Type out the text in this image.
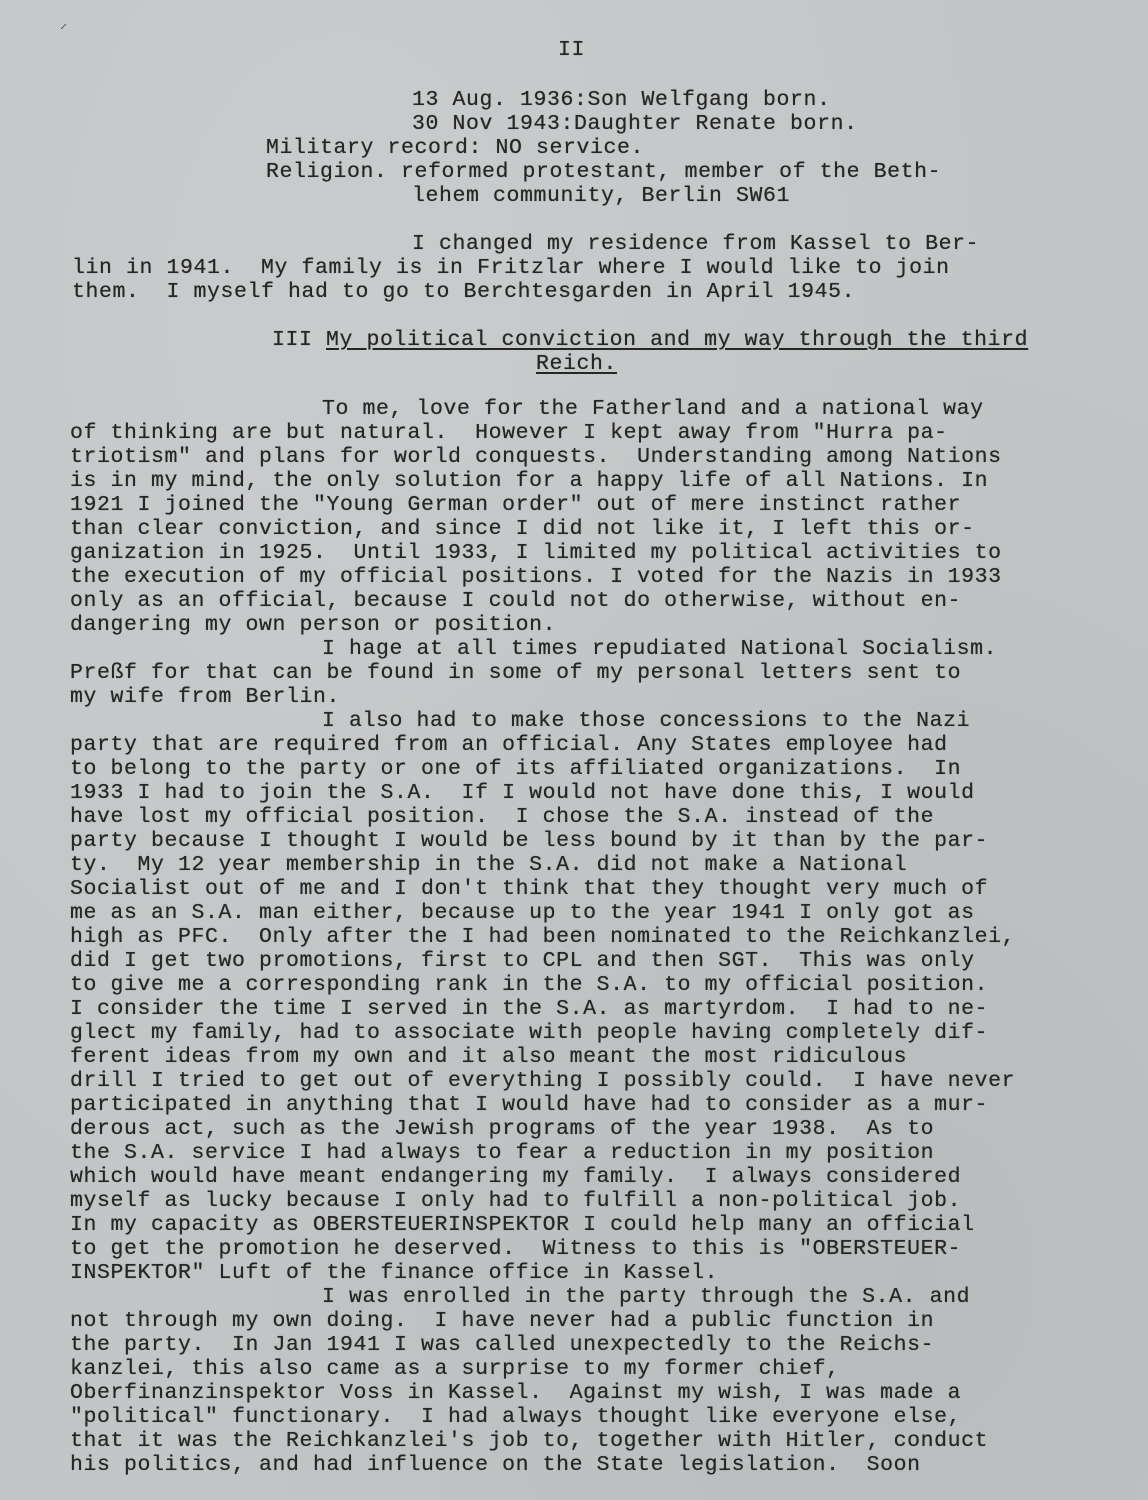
⸝
II
13 Aug. 1936:Son Welfgang born.
30 Nov 1943:Daughter Renate born.
Military record: NO service.
Religion. reformed protestant, member of the Beth-
lehem community, Berlin SW61
I changed my residence from Kassel to Ber-
lin in 1941.  My family is in Fritzlar where I would like to join
them.  I myself had to go to Berchtesgarden in April 1945.
III My political conviction and my way through the third
Reich.
To me, love for the Fatherland and a national way
of thinking are but natural.  However I kept away from "Hurra pa-
triotism" and plans for world conquests.  Understanding among Nations
is in my mind, the only solution for a happy life of all Nations. In
1921 I joined the "Young German order" out of mere instinct rather
than clear conviction, and since I did not like it, I left this or-
ganization in 1925.  Until 1933, I limited my political activities to
the execution of my official positions. I voted for the Nazis in 1933
only as an official, because I could not do otherwise, without en-
dangering my own person or position.
I hage at all times repudiated National Socialism.
Preßf for that can be found in some of my personal letters sent to
my wife from Berlin.
I also had to make those concessions to the Nazi
party that are required from an official. Any States employee had
to belong to the party or one of its affiliated organizations.  In
1933 I had to join the S.A.  If I would not have done this, I would
have lost my official position.  I chose the S.A. instead of the
party because I thought I would be less bound by it than by the par-
ty.  My 12 year membership in the S.A. did not make a National
Socialist out of me and I don't think that they thought very much of
me as an S.A. man either, because up to the year 1941 I only got as
high as PFC.  Only after the I had been nominated to the Reichkanzlei,
did I get two promotions, first to CPL and then SGT.  This was only
to give me a corresponding rank in the S.A. to my official position.
I consider the time I served in the S.A. as martyrdom.  I had to ne-
glect my family, had to associate with people having completely dif-
ferent ideas from my own and it also meant the most ridiculous
drill I tried to get out of everything I possibly could.  I have never
participated in anything that I would have had to consider as a mur-
derous act, such as the Jewish programs of the year 1938.  As to
the S.A. service I had always to fear a reduction in my position
which would have meant endangering my family.  I always considered
myself as lucky because I only had to fulfill a non-political job.
In my capacity as OBERSTEUERINSPEKTOR I could help many an official
to get the promotion he deserved.  Witness to this is "OBERSTEUER-
INSPEKTOR" Luft of the finance office in Kassel.
I was enrolled in the party through the S.A. and
not through my own doing.  I have never had a public function in
the party.  In Jan 1941 I was called unexpectedly to the Reichs-
kanzlei, this also came as a surprise to my former chief,
Oberfinanzinspektor Voss in Kassel.  Against my wish, I was made a
"political" functionary.  I had always thought like everyone else,
that it was the Reichkanzlei's job to, together with Hitler, conduct
his politics, and had influence on the State legislation.  Soon
